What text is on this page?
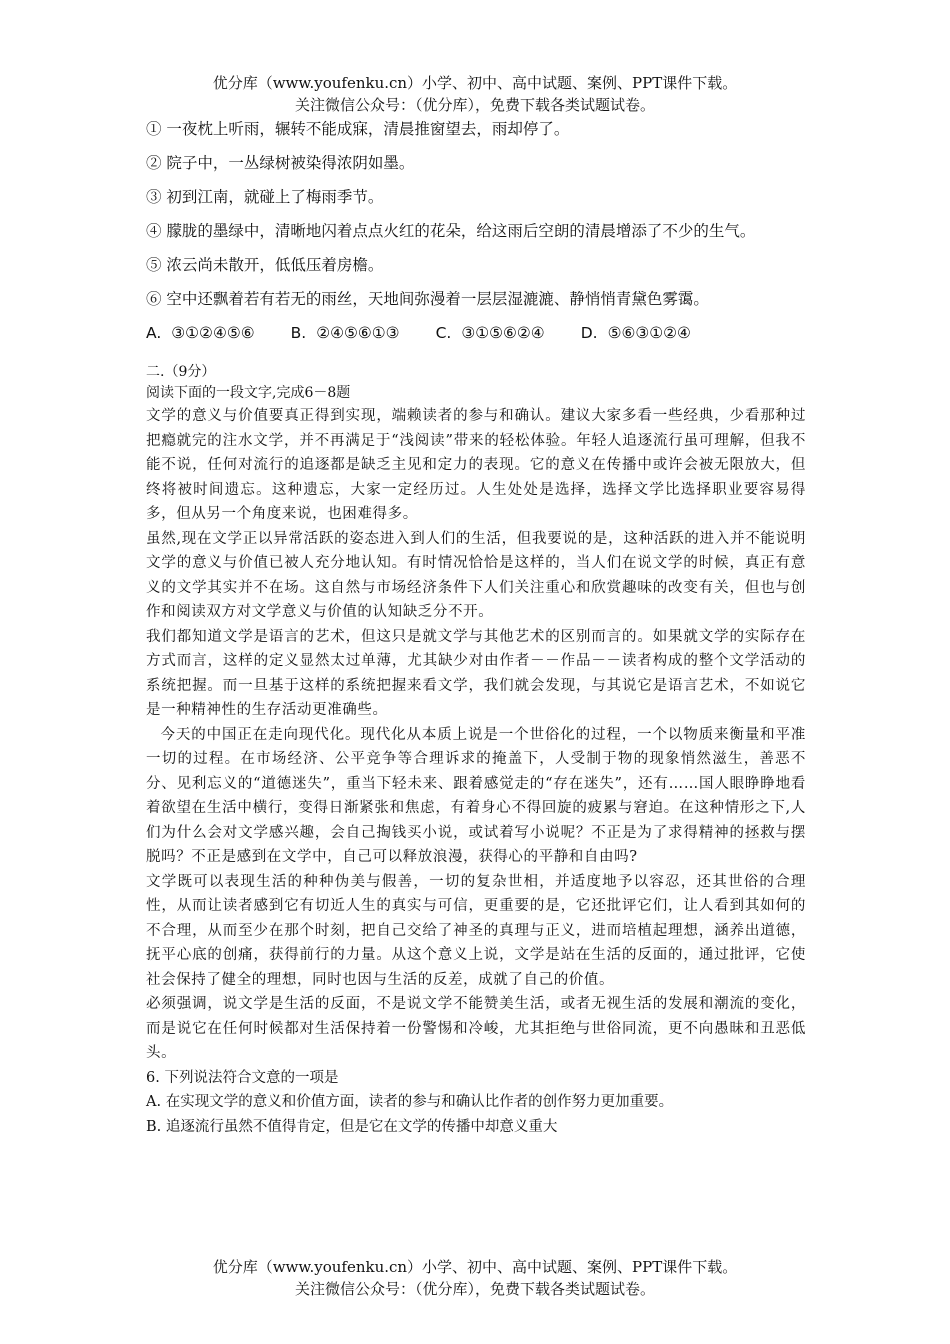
优分库（www.youfenku.cn）小学、初中、高中试题、案例、PPT课件下载。
关注微信公众号：（优分库），免费下载各类试题试卷。

① 一夜枕上听雨，辗转不能成寐，清晨推窗望去，雨却停了。

② 院子中，一丛绿树被染得浓阴如墨。

③ 初到江南，就碰上了梅雨季节。

④ 朦胧的墨绿中，清晰地闪着点点火红的花朵，给这雨后空朗的清晨增添了不少的生气。

⑤ 浓云尚未散开，低低压着房檐。

⑥ 空中还飘着若有若无的雨丝，天地间弥漫着一层层湿漉漉、静悄悄青黛色雾霭。

A. ③①②④⑤⑥ B. ②④⑤⑥①③ C. ③①⑤⑥②④ D. ⑤⑥③①②④

二.（9分）

阅读下面的一段文字,完成6－8题

文学的意义与价值要真正得到实现，端赖读者的参与和确认。建议大家多看一些经典，少看那种过把瘾就完的注水文学，并不再满足于“浅阅读”带来的轻松体验。年轻人追逐流行虽可理解，但我不能不说，任何对流行的追逐都是缺乏主见和定力的表现。它的意义在传播中或许会被无限放大，但终将被时间遗忘。这种遗忘，大家一定经历过。人生处处是选择，选择文学比选择职业要容易得多，但从另一个角度来说，也困难得多。

虽然,现在文学正以异常活跃的姿态进入到人们的生活，但我要说的是，这种活跃的进入并不能说明文学的意义与价值已被人充分地认知。有时情况恰恰是这样的，当人们在说文学的时候，真正有意义的文学其实并不在场。这自然与市场经济条件下人们关注重心和欣赏趣味的改变有关，但也与创作和阅读双方对文学意义与价值的认知缺乏分不开。

我们都知道文学是语言的艺术，但这只是就文学与其他艺术的区别而言的。如果就文学的实际存在方式而言，这样的定义显然太过单薄，尤其缺少对由作者－－作品－－读者构成的整个文学活动的系统把握。而一旦基于这样的系统把握来看文学，我们就会发现，与其说它是语言艺术，不如说它是一种精神性的生存活动更准确些。

今天的中国正在走向现代化。现代化从本质上说是一个世俗化的过程，一个以物质来衡量和平准一切的过程。在市场经济、公平竞争等合理诉求的掩盖下，人受制于物的现象悄然滋生，善恶不分、见利忘义的“道德迷失”，重当下轻未来、跟着感觉走的“存在迷失”，还有……国人眼睁睁地看着欲望在生活中横行，变得日渐紧张和焦虑，有着身心不得回旋的疲累与窘迫。在这种情形之下,人们为什么会对文学感兴趣，会自己掏钱买小说，或试着写小说呢？不正是为了求得精神的拯救与摆脱吗？不正是感到在文学中，自己可以释放浪漫，获得心的平静和自由吗?

文学既可以表现生活的种种伪美与假善，一切的复杂世相，并适度地予以容忍，还其世俗的合理性，从而让读者感到它有切近人生的真实与可信，更重要的是，它还批评它们，让人看到其如何的不合理，从而至少在那个时刻，把自己交给了神圣的真理与正义，进而培植起理想，涵养出道德，抚平心底的创痛，获得前行的力量。从这个意义上说，文学是站在生活的反面的，通过批评，它使社会保持了健全的理想，同时也因与生活的反差，成就了自己的价值。

必须强调，说文学是生活的反面，不是说文学不能赞美生活，或者无视生活的发展和潮流的变化，而是说它在任何时候都对生活保持着一份警惕和冷峻，尤其拒绝与世俗同流，更不向愚昧和丑恶低头。

6. 下列说法符合文意的一项是

A. 在实现文学的意义和价值方面，读者的参与和确认比作者的创作努力更加重要。

B. 追逐流行虽然不值得肯定，但是它在文学的传播中却意义重大

优分库（www.youfenku.cn）小学、初中、高中试题、案例、PPT课件下载。
关注微信公众号：（优分库），免费下载各类试题试卷。
